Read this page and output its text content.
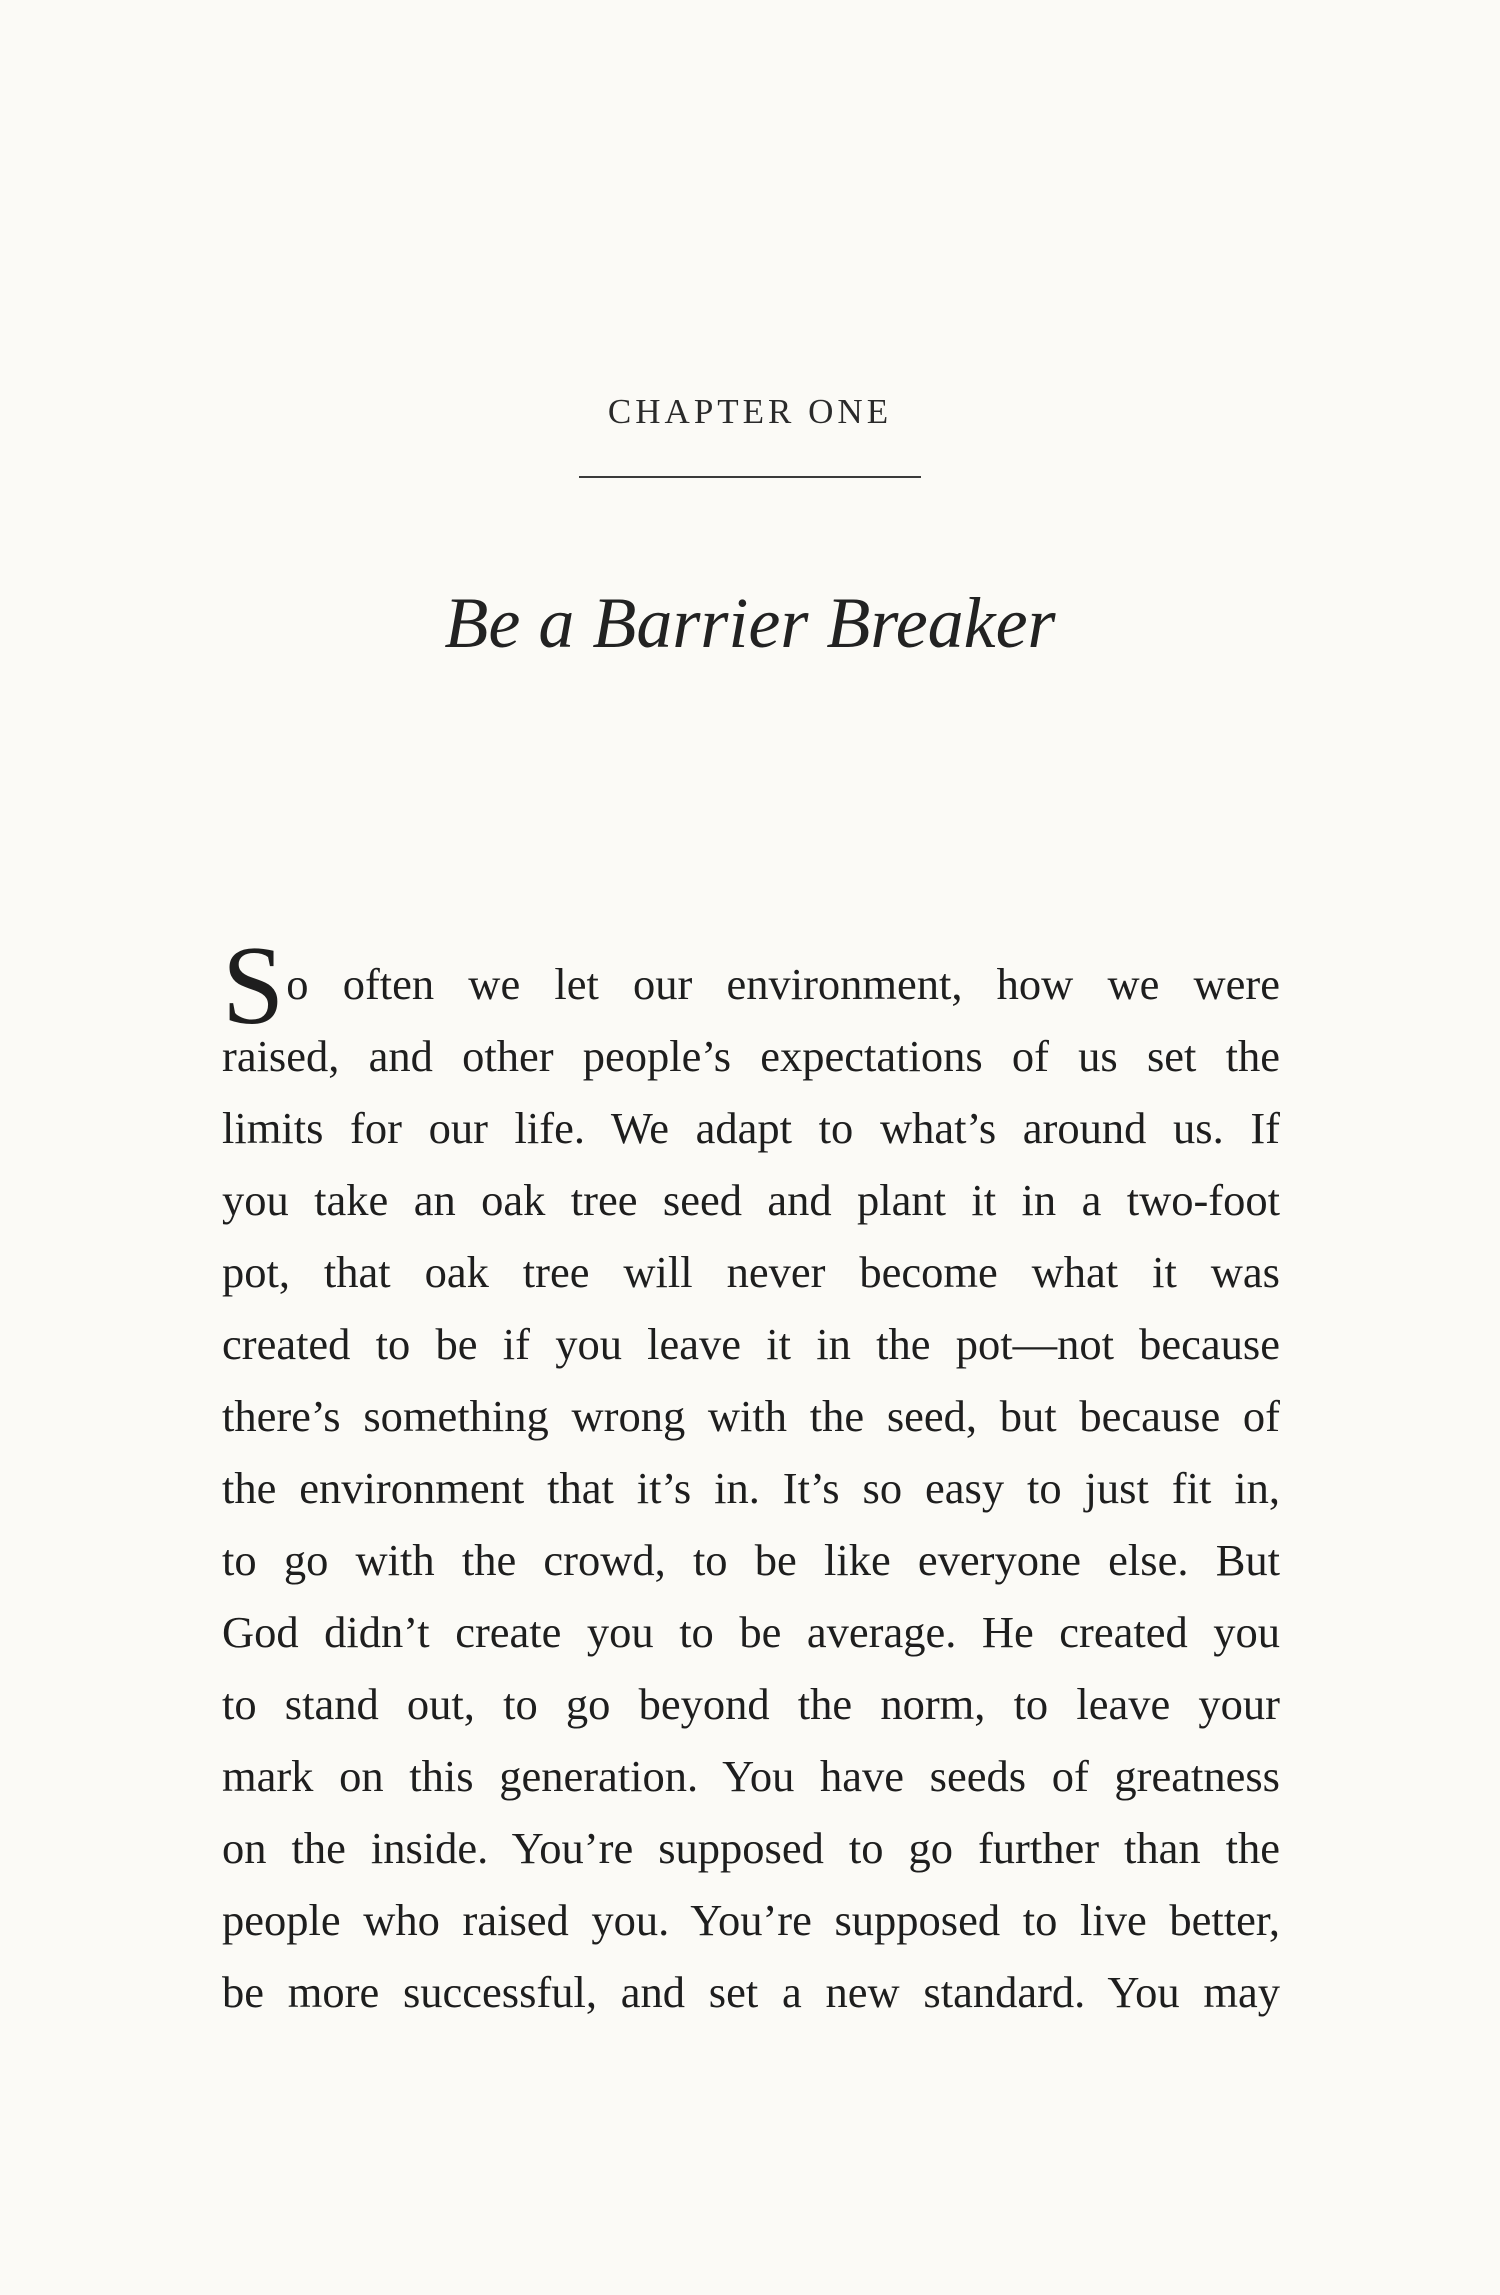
CHAPTER ONE
Be a Barrier Breaker
S o often we let our environment, how we were
raised, and other people’s expectations of us set the
limits for our life. We adapt to what’s around us. If
you take an oak tree seed and plant it in a two-foot
pot, that oak tree will never become what it was
created to be if you leave it in the pot—not because
there’s something wrong with the seed, but because of
the environment that it’s in. It’s so easy to just fit in,
to go with the crowd, to be like everyone else. But
God didn’t create you to be average. He created you
to stand out, to go beyond the norm, to leave your
mark on this generation. You have seeds of greatness
on the inside. You’re supposed to go further than the
people who raised you. You’re supposed to live better,
be more successful, and set a new standard. You may
